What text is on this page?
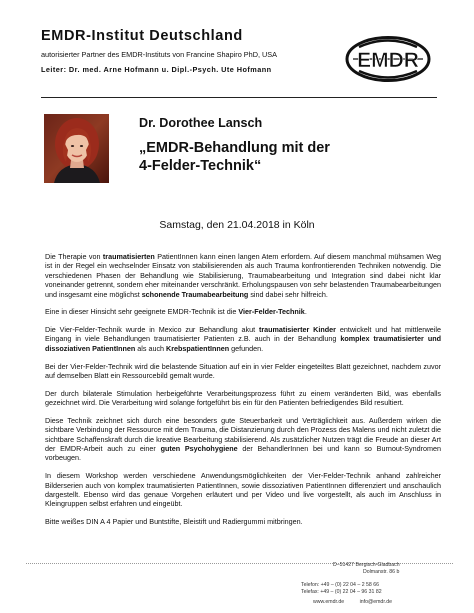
EMDR-Institut Deutschland
autorisierter Partner des EMDR-Instituts von Francine Shapiro PhD, USA
Leiter: Dr. med. Arne Hofmann u. Dipl.-Psych. Ute Hofmann	EMDR
Dr. Dorothee Lansch
„EMDR-Behandlung mit der
4-Felder-Technik“
Samstag, den 21.04.2018 in Köln

Die Therapie von traumatisierten PatientInnen kann einen langen Atem erfordern. Auf diesem manchmal mühsamen Weg ist in der Regel ein wechselnder Einsatz von stabilisierenden als auch Trauma konfrontierenden Techniken notwendig. Die verschiedenen Phasen der Behandlung wie Stabilisierung, Traumabearbeitung und Integration sind dabei nicht klar voneinander getrennt, sondern eher miteinander verschränkt. Erholungspausen von sehr belastenden Traumabearbeitungen und insgesamt eine möglichst schonende Traumabearbeitung sind dabei sehr hilfreich.

Eine in dieser Hinsicht sehr geeignete EMDR-Technik ist die Vier-Felder-Technik.

Die Vier-Felder-Technik wurde in Mexico zur Behandlung akut traumatisierter Kinder entwickelt und hat mittlerweile Eingang in viele Behandlungen traumatisierter Patienten z.B. auch in der Behandlung komplex traumatisierter und dissoziativen PatientInnen als auch KrebspatientInnen gefunden.

Bei der Vier-Felder-Technik wird die belastende Situation auf ein in vier Felder eingeteiltes Blatt gezeichnet, nachdem zuvor auf demselben Blatt ein Ressourcebild gemalt wurde.

Der durch bilaterale Stimulation herbeigeführte Verarbeitungsprozess führt zu einem veränderten Bild, was ebenfalls gezeichnet wird. Die Verarbeitung wird solange fortgeführt bis ein für den Patienten befriedigendes Bild resultiert.

Diese Technik zeichnet sich durch eine besonders gute Steuerbarkeit und Verträglichkeit aus. Außerdem wirken die sichtbare Verbindung der Ressource mit dem Trauma, die Distanzierung durch den Prozess des Malens und nicht zuletzt die sichtbare Schaffenskraft durch die kreative Bearbeitung stabilisierend. Als zusätzlicher Nutzen trägt die Freude an dieser Art der EMDR-Arbeit auch zu einer guten Psychohygiene der BehandlerInnen bei und kann so Burnout-Syndromen vorbeugen.

In diesem Workshop werden verschiedene Anwendungsmöglichkeiten der Vier-Felder-Technik anhand zahlreicher Bilderserien auch von komplex traumatisierten PatientInnen, sowie dissoziativen PatientInnen differenziert und anschaulich dargestellt. Ebenso wird das genaue Vorgehen erläutert und per Video und live vorgestellt, als auch im Anschluss in Kleingruppen selbst erfahren und eingeübt.

Bitte weißes DIN A 4 Papier und Buntstifte, Bleistift und Radiergummi mitbringen.

D–51427 Bergisch-Gladbach
Dolmanstr. 86 b
Telefon: +49 – (0) 22 04 – 2 58 66
Telefax: +49 – (0) 22 04 – 96 31 82
www.emdr.de	info@emdr.de
